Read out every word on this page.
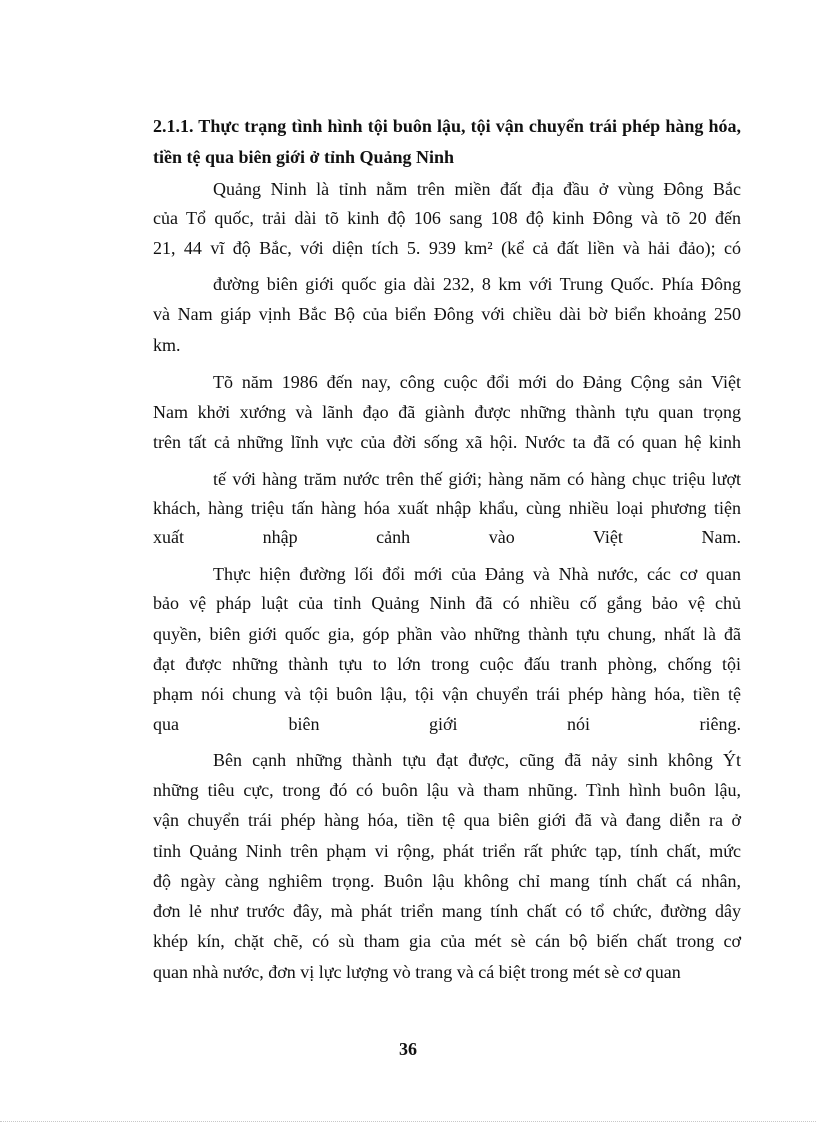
2.1.1. Thực trạng tình hình tội buôn lậu, tội vận chuyển trái phép hàng hóa, tiền tệ qua biên giới ở tỉnh Quảng Ninh

Quảng Ninh là tỉnh nằm trên miền đất địa đầu ở vùng Đông Bắc

của Tổ quốc, trải dài tõ kinh độ 106 sang 108 độ kinh Đông và tõ 20 đến

21, 44 vĩ độ Bắc, với diện tích 5. 939 km² (kể cả đất liền và hải đảo); có

đường biên giới quốc gia dài 232, 8 km với Trung Quốc. Phía Đông

và Nam giáp vịnh Bắc Bộ của biển Đông với chiều dài bờ biển khoảng 250

km.

Tõ năm 1986 đến nay, công cuộc đổi mới do Đảng Cộng sản Việt

Nam khởi xướng và lãnh đạo đã giành được những thành tựu quan trọng

trên tất cả những lĩnh vực của đời sống xã hội. Nước ta đã có quan hệ kinh

tế với hàng trăm nước trên thế giới; hàng năm có hàng chục triệu lượt

khách, hàng triệu tấn hàng hóa xuất nhập khẩu, cùng nhiều loại phương tiện

xuất nhập cảnh vào Việt Nam.

Thực hiện đường lối đổi mới của Đảng và Nhà nước, các cơ quan

bảo vệ pháp luật của tỉnh Quảng Ninh đã có nhiều cố gắng bảo vệ chủ

quyền, biên giới quốc gia, góp phần vào những thành tựu chung, nhất là đã

đạt được những thành tựu to lớn trong cuộc đấu tranh phòng, chống tội

phạm nói chung và tội buôn lậu, tội vận chuyển trái phép hàng hóa, tiền tệ

qua biên giới nói riêng.

Bên cạnh những thành tựu đạt được, cũng đã nảy sinh không Ýt

những tiêu cực, trong đó có buôn lậu và tham nhũng. Tình hình buôn lậu,

vận chuyển trái phép hàng hóa, tiền tệ qua biên giới đã và đang diễn ra ở

tỉnh Quảng Ninh trên phạm vi rộng, phát triển rất phức tạp, tính chất, mức

độ ngày càng nghiêm trọng. Buôn lậu không chỉ mang tính chất cá nhân,

đơn lẻ như trước đây, mà phát triển mang tính chất có tổ chức, đường dây

khép kín, chặt chẽ, có sù tham gia của mét sè cán bộ biến chất trong cơ

quan nhà nước, đơn vị lực lượng vò trang và cá biệt trong mét sè cơ quan

36
